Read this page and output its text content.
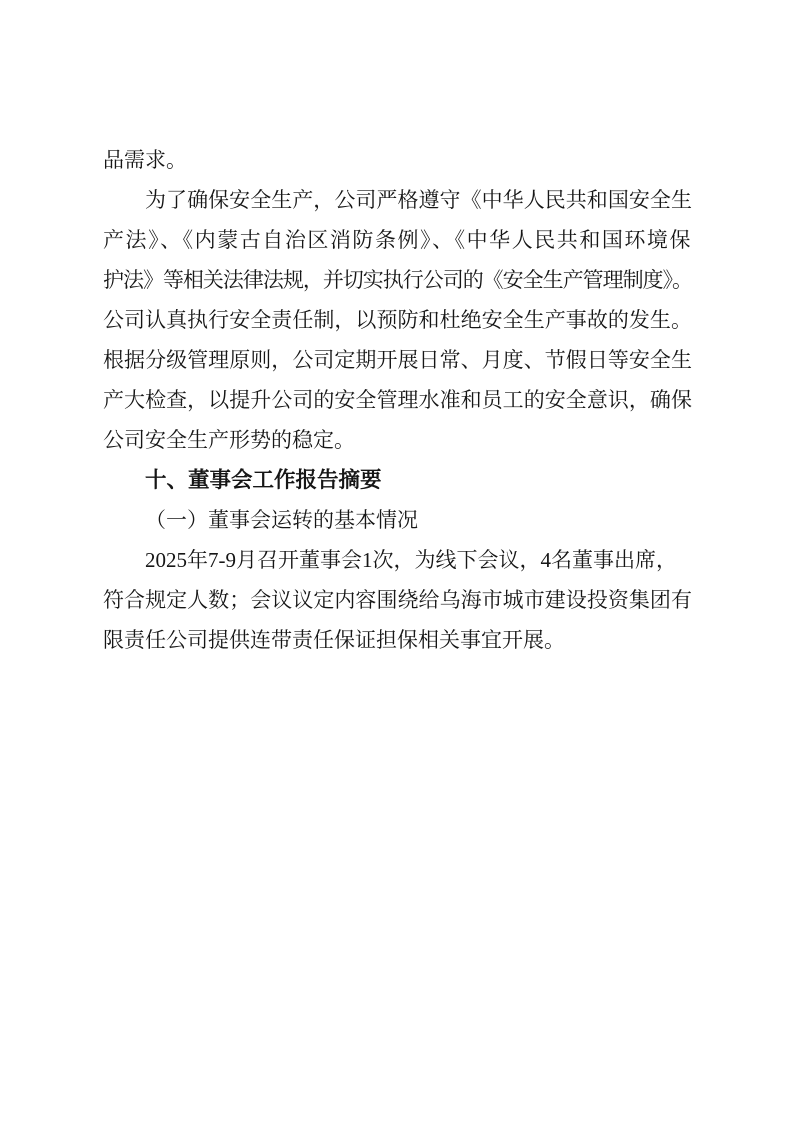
品需求。
为了确保安全生产，公司严格遵守《中华人民共和国安全生
产法》、《内蒙古自治区消防条例》、《中华人民共和国环境保
护法》等相关法律法规，并切实执行公司的《安全生产管理制度》。
公司认真执行安全责任制，以预防和杜绝安全生产事故的发生。
根据分级管理原则，公司定期开展日常、月度、节假日等安全生
产大检查，以提升公司的安全管理水准和员工的安全意识，确保
公司安全生产形势的稳定。
十、董事会工作报告摘要
（一）董事会运转的基本情况
2025年7-9月召开董事会1次，为线下会议，4名董事出席，
符合规定人数；会议议定内容围绕给乌海市城市建设投资集团有
限责任公司提供连带责任保证担保相关事宜开展。
